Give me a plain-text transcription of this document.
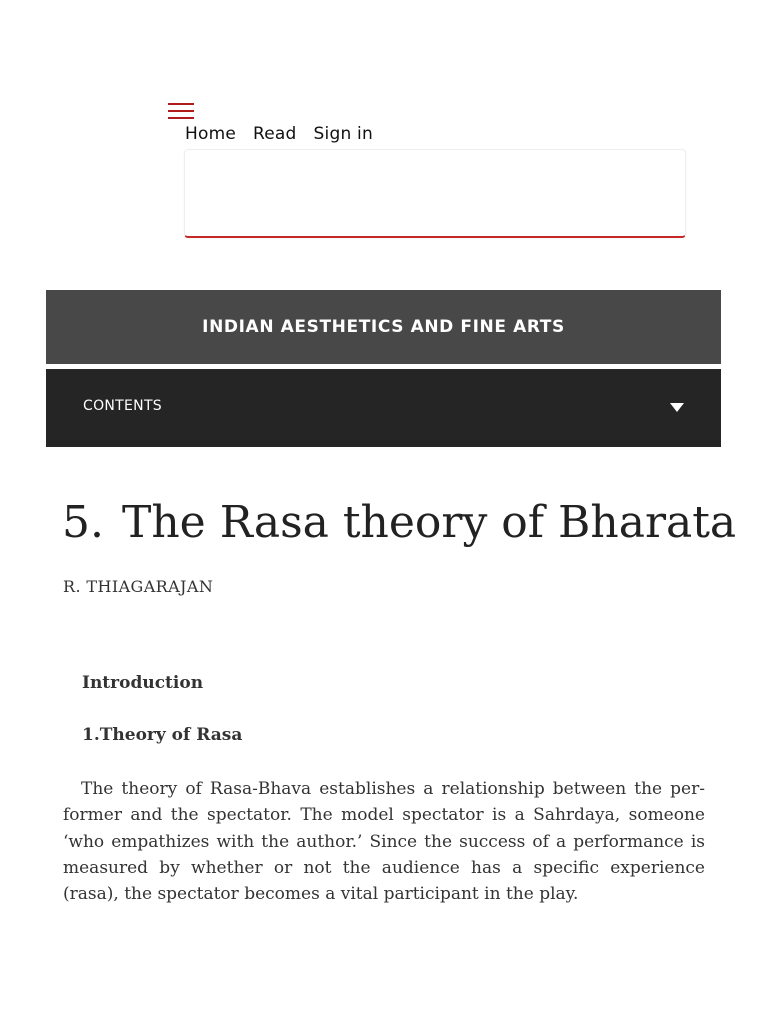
Home Read Sign in
INDIAN AESTHETICS AND FINE ARTS
CONTENTS
5. The Rasa theory of Bharata
R. THIAGARAJAN
Introduction
1.Theory of Rasa

The theory of Rasa-Bhava establishes a relationship between the performer and the spectator. The model spectator is a Sahrdaya, someone ‘who empathizes with the author.’ Since the success of a performance is measured by whether or not the audience has a specific experience (rasa), the spectator becomes a vital participant in the play.
